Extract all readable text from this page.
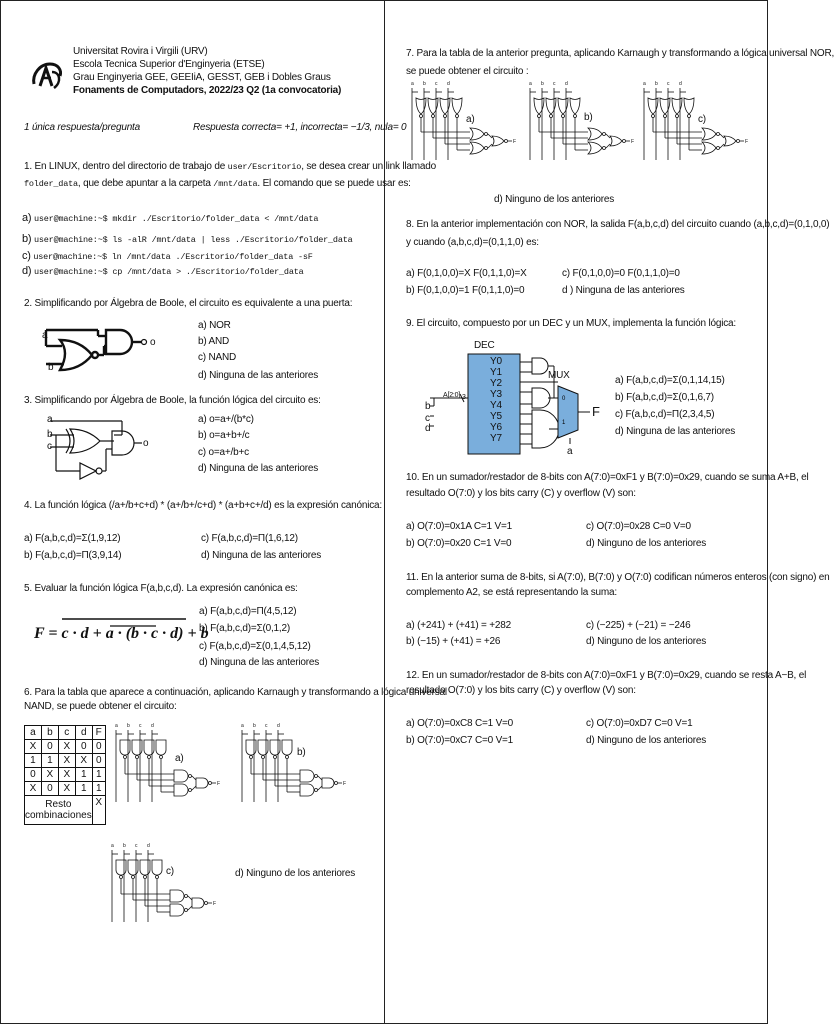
Universitat Rovira i Virgili (URV)
Escola Tecnica Superior d'Enginyeria (ETSE)
Grau Enginyeria GEE, GEEIiA, GESST, GEB i Dobles Graus
Fonaments de Computadors, 2022/23 Q2 (1a convocatoria)
1 única respuesta/pregunta	Respuesta correcta= +1, incorrecta= −1/3, nula= 0
1. En LINUX, dentro del directorio de trabajo de user/Escritorio, se desea crear un link llamado
folder_data, que debe apuntar a la carpeta /mnt/data. El comando que se puede usar es:
a) user@machine:~$ mkdir ./Escritorio/folder_data < /mnt/data
b) user@machine:~$ ls -alR /mnt/data | less ./Escritorio/folder_data
c) user@machine:~$ ln /mnt/data ./Escritorio/folder_data -sF
d) user@machine:~$ cp /mnt/data > ./Escritorio/folder_data
2. Simplificando por Álgebra de Boole, el circuito es equivalente a una puerta:
a
b
o
a) NOR
b) AND
c) NAND
d) Ninguna de las anteriores
3. Simplificando por Álgebra de Boole, la función lógica del circuito es:
a
b
c	o
a) o=a+/(b*c)
b) o=a+b+/c
c) o=a+/b+c
d) Ninguna de las anteriores
4. La función lógica (/a+/b+c+d) * (a+/b+/c+d) * (a+b+c+/d) es la expresión canónica:
a) F(a,b,c,d)=Σ(1,9,12)
b) F(a,b,c,d)=Π(3,9,14)
c) F(a,b,c,d)=Π(1,6,12)
d) Ninguna de las anteriores
5. Evaluar la función lógica F(a,b,c,d). La expresión canónica es:
F = c · d + a · (b · c · d) + b
a) F(a,b,c,d)=Π(4,5,12)
b) F(a,b,c,d)=Σ(0,1,2)
c) F(a,b,c,d)=Σ(0,1,4,5,12)
d) Ninguna de las anteriores
6. Para la tabla que aparece a continuación, aplicando Karnaugh y transformando a lógica universal
NAND, se puede obtener el circuito:
a	b	c	d	F
X	0	X	0	0
1	1	X	X	0
0	X	X	1	1
X	0	X	1	1
Resto
combinaciones				X
a b c d
F
a)
a b c d
F
b)
a b c d
F
c)	d) Ninguno de los anteriores
7. Para la tabla de la anterior pregunta, aplicando Karnaugh y transformando a lógica universal NOR,
se puede obtener el circuito :
a b c d
F
a)
a b c d
F
b)
a b c d
F
c)
d) Ninguno de los anteriores
8. En la anterior implementación con NOR, la salida F(a,b,c,d) del circuito cuando (a,b,c,d)=(0,1,0,0)
y cuando (a,b,c,d)=(0,1,1,0) es:
a) F(0,1,0,0)=X F(0,1,1,0)=X
b) F(0,1,0,0)=1 F(0,1,1,0)=0
c) F(0,1,0,0)=0 F(0,1,1,0)=0
d ) Ninguna de las anteriores
9. El circuito, compuesto por un DEC y un MUX, implementa la función lógica:
0
1
DEC
MUX
Y0
Y1
Y2
Y3
Y4
Y5
Y6
Y7
A[2:0] 3
b
c
d
a
F
a) F(a,b,c,d)=Σ(0,1,14,15)
b) F(a,b,c,d)=Σ(0,1,6,7)
c) F(a,b,c,d)=Π(2,3,4,5)
d) Ninguna de las anteriores
10. En un sumador/restador de 8-bits con A(7:0)=0xF1 y B(7:0)=0x29, cuando se suma A+B, el
resultado O(7:0) y los bits carry (C) y overflow (V) son:
a) O(7:0)=0x1A C=1 V=1
b) O(7:0)=0x20 C=1 V=0
c) O(7:0)=0x28 C=0 V=0
d) Ninguno de los anteriores
11. En la anterior suma de 8-bits, si A(7:0), B(7:0) y O(7:0) codifican números enteros (con signo) en
complemento A2, se está representando la suma:
a) (+241) + (+41) = +282
b) (−15) + (+41) = +26
c) (−225) + (−21) = −246
d) Ninguno de los anteriores
12. En un sumador/restador de 8-bits con A(7:0)=0xF1 y B(7:0)=0x29, cuando se resta A−B, el
resultado O(7:0) y los bits carry (C) y overflow (V) son:
a) O(7:0)=0xC8 C=1 V=0
b) O(7:0)=0xC7 C=0 V=1
c) O(7:0)=0xD7 C=0 V=1
d) Ninguno de los anteriores
